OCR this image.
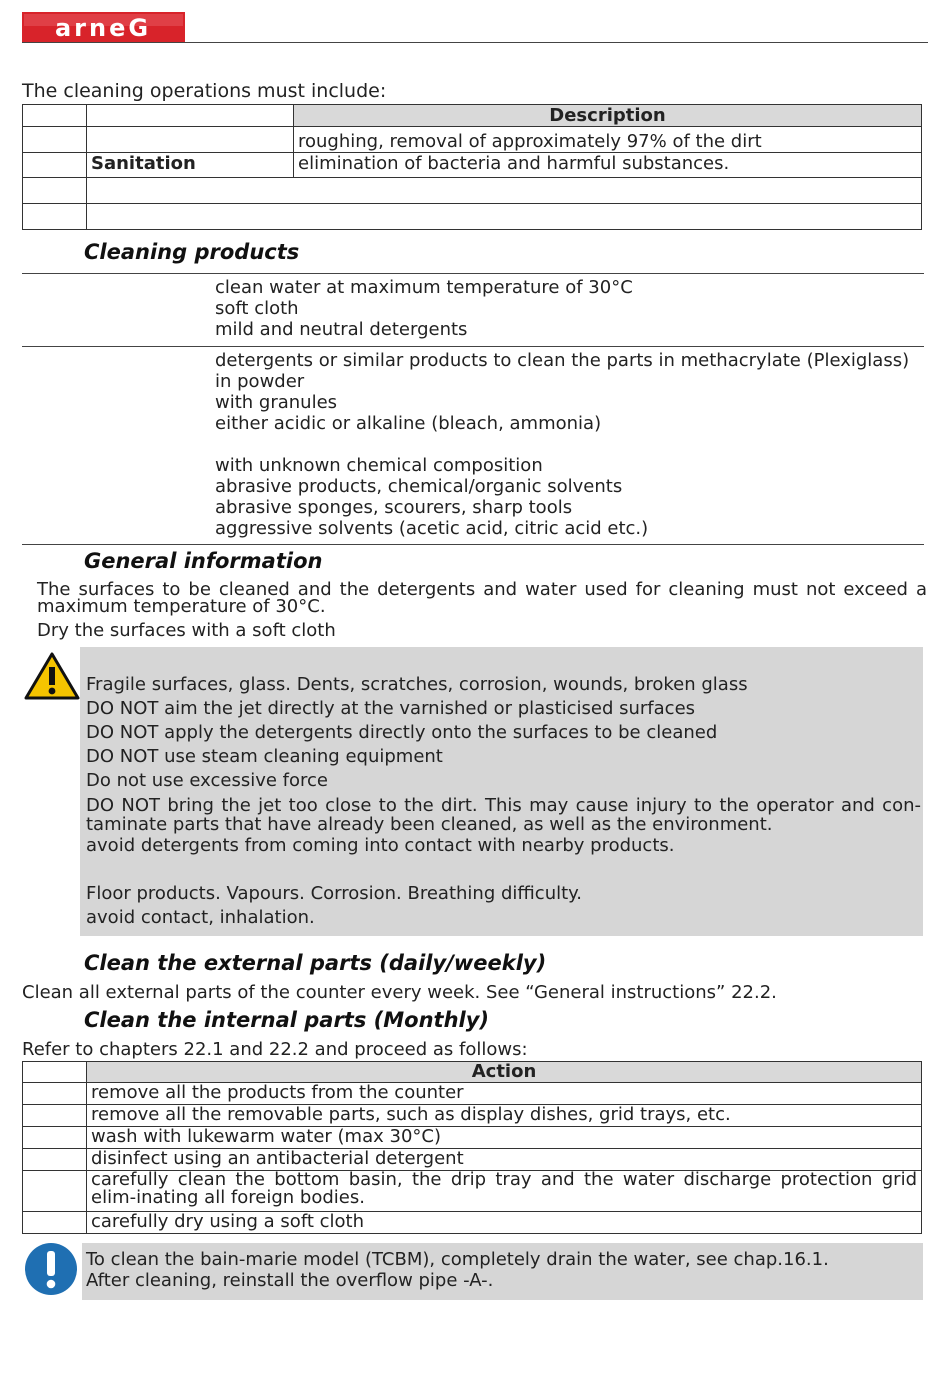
arneG
The cleaning operations must include:
		Description
		roughing, removal of approximately 97% of the dirt
	Sanitation	elimination of bacteria and harmful substances.

Cleaning products
clean water at maximum temperature of 30°C
soft cloth
mild and neutral detergents
detergents or similar products to clean the parts in methacrylate (Plexiglass)
in powder
with granules
either acidic or alkaline (bleach, ammonia)
with unknown chemical composition
abrasive products, chemical/organic solvents
abrasive sponges, scourers, sharp tools
aggressive solvents (acetic acid, citric acid etc.)
General information
The surfaces to be cleaned and the detergents and water used for cleaning must not exceed a maximum temperature of 30°C.
Dry the surfaces with a soft cloth
Fragile surfaces, glass. Dents, scratches, corrosion, wounds, broken glass
DO NOT aim the jet directly at the varnished or plasticised surfaces
DO NOT apply the detergents directly onto the surfaces to be cleaned
DO NOT use steam cleaning equipment
Do not use excessive force
DO NOT bring the jet too close to the dirt. This may cause injury to the operator and con-taminate parts that have already been cleaned, as well as the environment.
avoid detergents from coming into contact with nearby products.
Floor products. Vapours. Corrosion. Breathing difficulty.
avoid contact, inhalation.
Clean the external parts (daily/weekly)
Clean all external parts of the counter every week. See “General instructions” 22.2.
Clean the internal parts (Monthly)
Refer to chapters 22.1 and 22.2 and proceed as follows:
	Action
	remove all the products from the counter
	remove all the removable parts, such as display dishes, grid trays, etc.
	wash with lukewarm water (max 30°C)
	disinfect using an antibacterial detergent
	carefully clean the bottom basin, the drip tray and the water discharge protection grid elim-inating all foreign bodies.
	carefully dry using a soft cloth
To clean the bain-marie model (TCBM), completely drain the water, see chap.16.1.
After cleaning, reinstall the overflow pipe -A-.
